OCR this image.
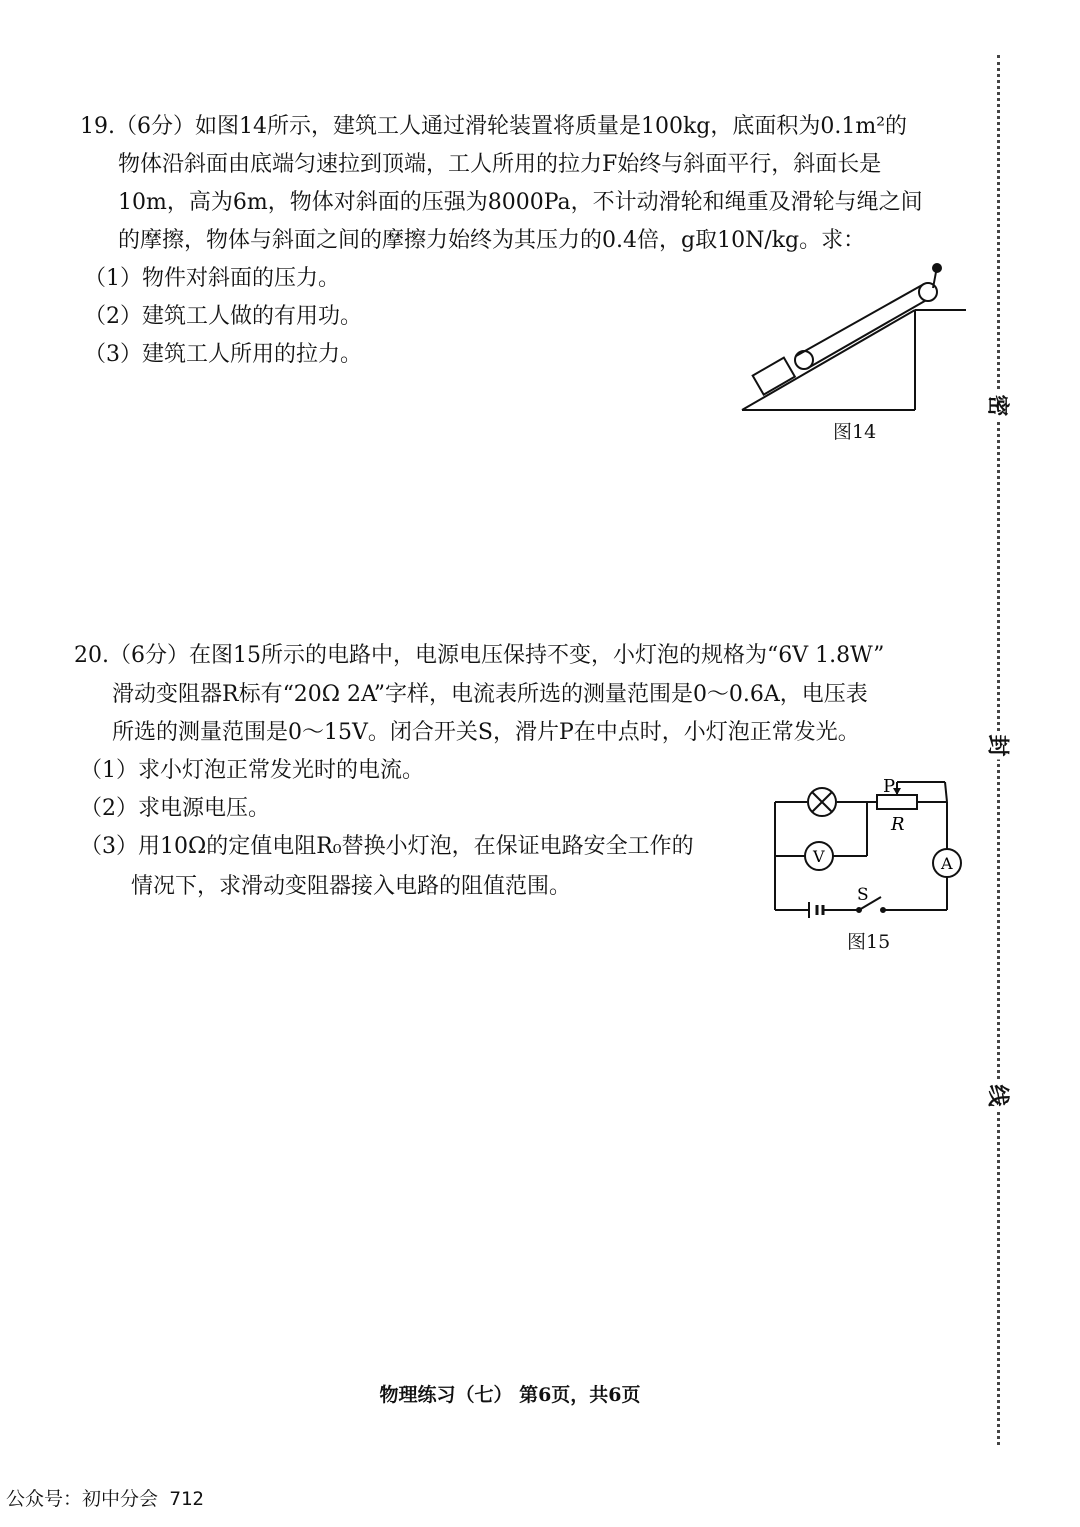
19.（6分）如图14所示，建筑工人通过滑轮装置将质量是100kg，底面积为0.1m²的
物体沿斜面由底端匀速拉到顶端，工人所用的拉力F始终与斜面平行，斜面长是
10m，高为6m，物体对斜面的压强为8000Pa，不计动滑轮和绳重及滑轮与绳之间
的摩擦，物体与斜面之间的摩擦力始终为其压力的0.4倍，g取10N/kg。求：
（1）物件对斜面的压力。
（2）建筑工人做的有用功。
（3）建筑工人所用的拉力。
图14
20.（6分）在图15所示的电路中，电源电压保持不变，小灯泡的规格为“6V 1.8W”
滑动变阻器R标有“20Ω 2A”字样，电流表所选的测量范围是0～0.6A，电压表
所选的测量范围是0～15V。闭合开关S，滑片P在中点时，小灯泡正常发光。
（1）求小灯泡正常发光时的电流。
（2）求电源电压。
（3）用10Ω的定值电阻R₀替换小灯泡，在保证电路安全工作的
情况下，求滑动变阻器接入电路的阻值范围。
P
R
V	A
S
图15
密
封
线
物理练习（七） 第6页，共6页
公众号：初中分会 712
